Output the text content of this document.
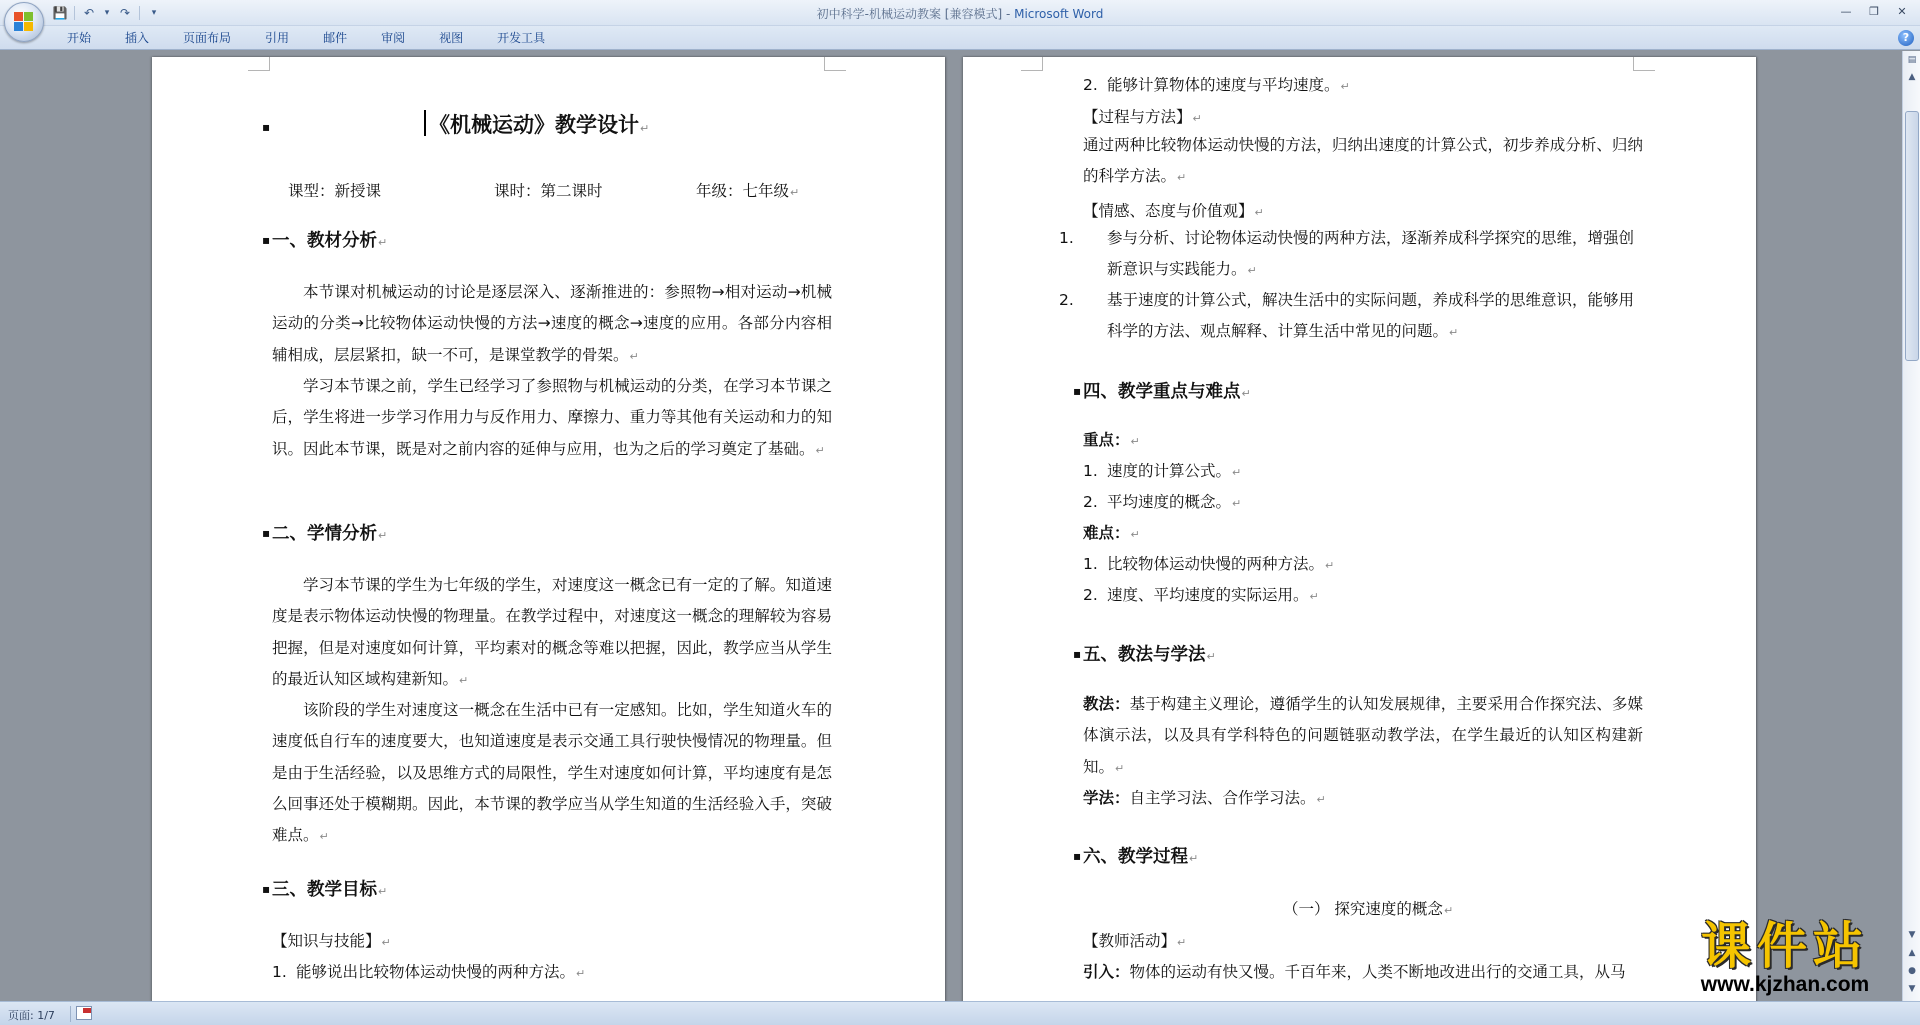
💾 ↶	▾ ↷	▾	初中科学-机械运动教案 [兼容模式] - Microsoft Word	—	❐	✕
开始	插入	页面布局	引用	邮件	审阅	视图	开发工具	?
▪	《机械运动》教学设计↵
课型：新授课	课时：第二课时	年级：七年级↵
▪ 一、教材分析↵
本节课对机械运动的讨论是逐层深入、逐渐推进的：参照物→相对运动→机械运动的分类→比较物体运动快慢的方法→速度的概念→速度的应用。各部分内容相辅相成，层层紧扣，缺一不可，是课堂教学的骨架。↵
学习本节课之前，学生已经学习了参照物与机械运动的分类，在学习本节课之后，学生将进一步学习作用力与反作用力、摩擦力、重力等其他有关运动和力的知识。因此本节课，既是对之前内容的延伸与应用，也为之后的学习奠定了基础。↵
▪ 二、学情分析↵
学习本节课的学生为七年级的学生，对速度这一概念已有一定的了解。知道速度是表示物体运动快慢的物理量。在教学过程中，对速度这一概念的理解较为容易把握，但是对速度如何计算，平均素对的概念等难以把握，因此，教学应当从学生的最近认知区域构建新知。↵
该阶段的学生对速度这一概念在生活中已有一定感知。比如，学生知道火车的速度低自行车的速度要大，也知道速度是表示交通工具行驶快慢情况的物理量。但是由于生活经验，以及思维方式的局限性，学生对速度如何计算，平均速度有是怎么回事还处于模糊期。因此，本节课的教学应当从学生知道的生活经验入手，突破难点。↵
▪ 三、教学目标↵
【知识与技能】↵
1. 能够说出比较物体运动快慢的两种方法。↵
2. 能够计算物体的速度与平均速度。↵
【过程与方法】↵
通过两种比较物体运动快慢的方法，归纳出速度的计算公式，初步养成分析、归纳的科学方法。↵
【情感、态度与价值观】↵
1. 参与分析、讨论物体运动快慢的两种方法，逐渐养成科学探究的思维，增强创新意识与实践能力。↵
2. 基于速度的计算公式，解决生活中的实际问题，养成科学的思维意识，能够用科学的方法、观点解释、计算生活中常见的问题。↵
▪ 四、教学重点与难点↵
重点：↵
1. 速度的计算公式。↵
2. 平均速度的概念。↵
难点：↵
1. 比较物体运动快慢的两种方法。↵
2. 速度、平均速度的实际运用。↵
▪ 五、教法与学法↵
教法：基于构建主义理论，遵循学生的认知发展规律，主要采用合作探究法、多媒体演示法，以及具有学科特色的问题链驱动教学法，在学生最近的认知区构建新知。↵
学法：自主学习法、合作学习法。↵
▪ 六、教学过程↵
（一） 探究速度的概念↵
【教师活动】↵
引入：物体的运动有快又慢。千百年来，人类不断地改进出行的交通工具，从马
▤
▲
▼
▲
●
▼
页面: 1/7
课件站
www.kjzhan.com
